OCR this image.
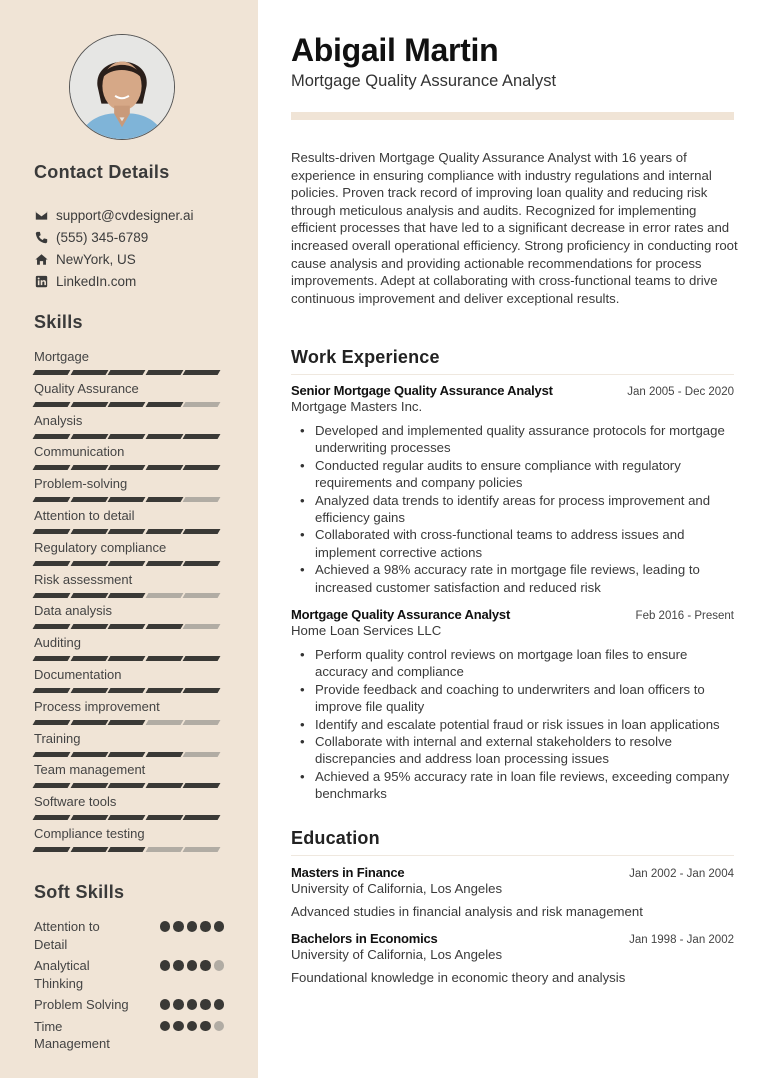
Contact Details
support@cvdesigner.ai
(555) 345-6789
NewYork, US
LinkedIn.com
Skills
Mortgage
Quality Assurance
Analysis
Communication
Problem-solving
Attention to detail
Regulatory compliance
Risk assessment
Data analysis
Auditing
Documentation
Process improvement
Training
Team management
Software tools
Compliance testing
Soft Skills
Attention to Detail
Analytical Thinking
Problem Solving
Time Management
Abigail Martin
Mortgage Quality Assurance Analyst

Results-driven Mortgage Quality Assurance Analyst with 16 years of experience in ensuring compliance with industry regulations and internal policies. Proven track record of improving loan quality and reducing risk through meticulous analysis and audits. Recognized for implementing efficient processes that have led to a significant decrease in error rates and increased overall operational efficiency. Strong proficiency in conducting root cause analysis and providing actionable recommendations for process improvements. Adept at collaborating with cross-functional teams to drive continuous improvement and deliver exceptional results.

Work Experience
Senior Mortgage Quality Assurance Analyst	Jan 2005 - Dec 2020
Mortgage Masters Inc.
• Developed and implemented quality assurance protocols for mortgage underwriting processes
• Conducted regular audits to ensure compliance with regulatory requirements and company policies
• Analyzed data trends to identify areas for process improvement and efficiency gains
• Collaborated with cross-functional teams to address issues and implement corrective actions
• Achieved a 98% accuracy rate in mortgage file reviews, leading to increased customer satisfaction and reduced risk
Mortgage Quality Assurance Analyst	Feb 2016 - Present
Home Loan Services LLC
• Perform quality control reviews on mortgage loan files to ensure accuracy and compliance
• Provide feedback and coaching to underwriters and loan officers to improve file quality
• Identify and escalate potential fraud or risk issues in loan applications
• Collaborate with internal and external stakeholders to resolve discrepancies and address loan processing issues
• Achieved a 95% accuracy rate in loan file reviews, exceeding company benchmarks
Education
Masters in Finance	Jan 2002 - Jan 2004
University of California, Los Angeles
Advanced studies in financial analysis and risk management
Bachelors in Economics	Jan 1998 - Jan 2002
University of California, Los Angeles
Foundational knowledge in economic theory and analysis
